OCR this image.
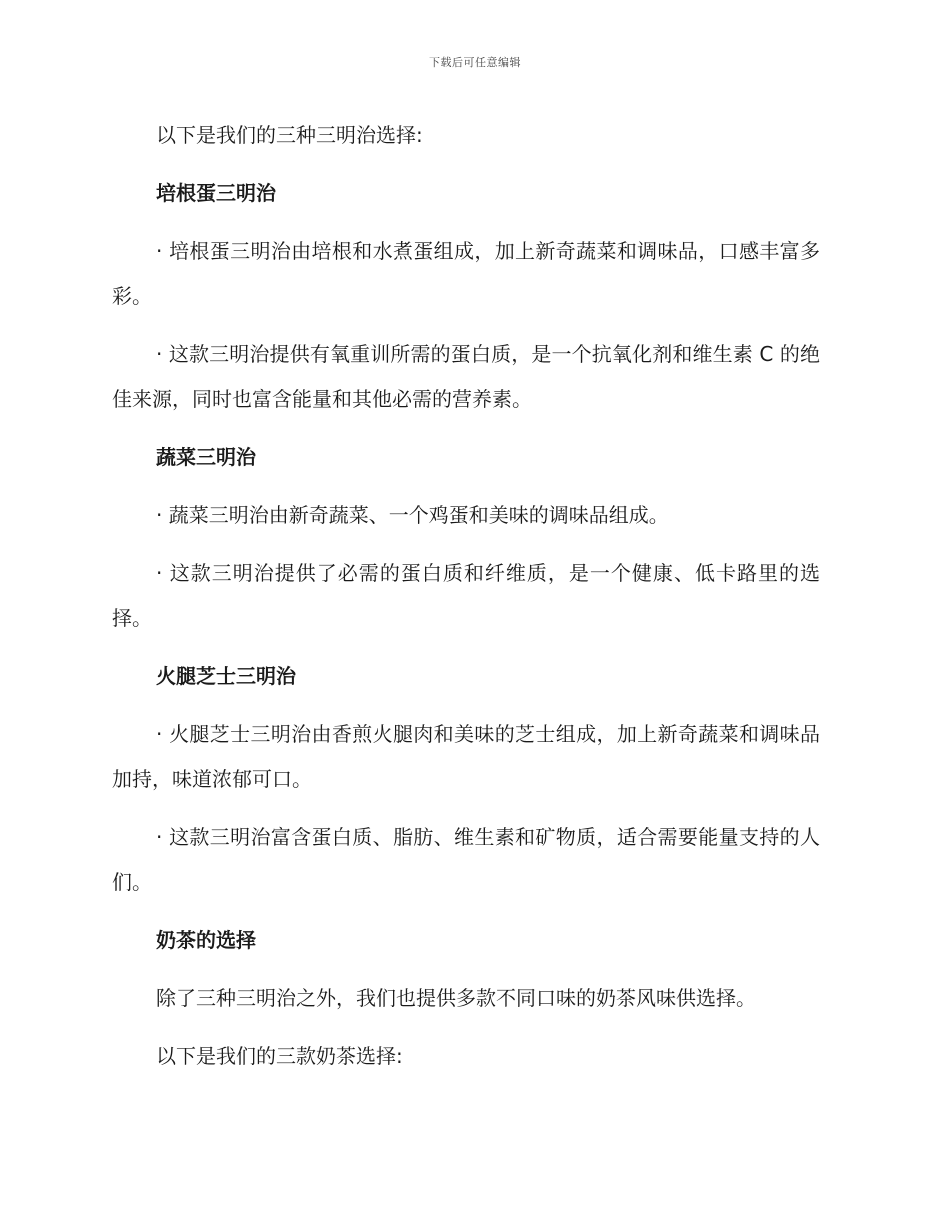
下载后可任意编辑

以下是我们的三种三明治选择:

培根蛋三明治

· 培根蛋三明治由培根和水煮蛋组成，加上新奇蔬菜和调味品，口感丰富多彩。

· 这款三明治提供有氧重训所需的蛋白质，是一个抗氧化剂和维生素 C 的绝佳来源，同时也富含能量和其他必需的营养素。

蔬菜三明治

· 蔬菜三明治由新奇蔬菜、一个鸡蛋和美味的调味品组成。

· 这款三明治提供了必需的蛋白质和纤维质，是一个健康、低卡路里的选择。

火腿芝士三明治

· 火腿芝士三明治由香煎火腿肉和美味的芝士组成，加上新奇蔬菜和调味品加持，味道浓郁可口。

· 这款三明治富含蛋白质、脂肪、维生素和矿物质，适合需要能量支持的人们。

奶茶的选择

除了三种三明治之外，我们也提供多款不同口味的奶茶风味供选择。

以下是我们的三款奶茶选择:
